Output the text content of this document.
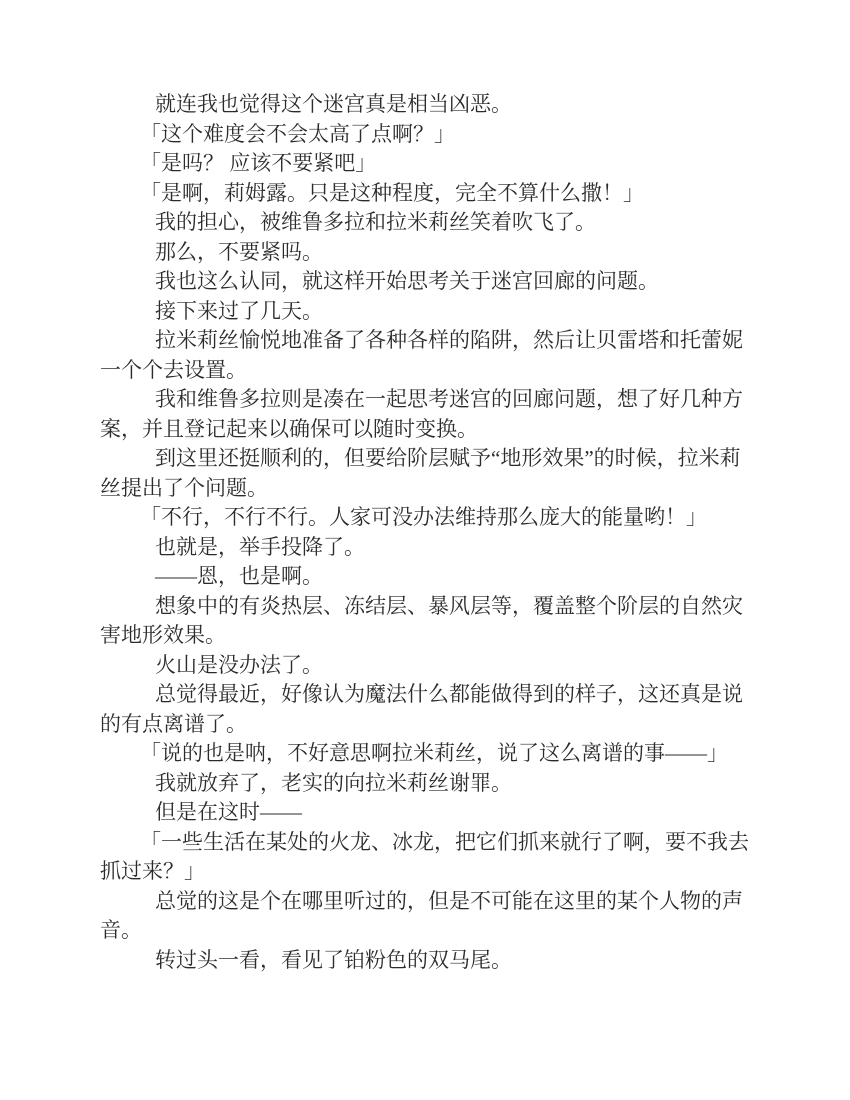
就连我也觉得这个迷宫真是相当凶恶。

「这个难度会不会太高了点啊？」

「是吗？ 应该不要紧吧」

「是啊，莉姆露。只是这种程度，完全不算什么撒！」

我的担心，被维鲁多拉和拉米莉丝笑着吹飞了。

那么，不要紧吗。

我也这么认同，就这样开始思考关于迷宫回廊的问题。

接下来过了几天。

拉米莉丝愉悦地准备了各种各样的陷阱，然后让贝雷塔和托蕾妮一个个去设置。

我和维鲁多拉则是凑在一起思考迷宫的回廊问题，想了好几种方案，并且登记起来以确保可以随时变换。

到这里还挺顺利的，但要给阶层赋予“地形效果”的时候，拉米莉丝提出了个问题。

「不行，不行不行。人家可没办法维持那么庞大的能量哟！」

也就是，举手投降了。

——恩，也是啊。

想象中的有炎热层、冻结层、暴风层等，覆盖整个阶层的自然灾害地形效果。

火山是没办法了。

总觉得最近，好像认为魔法什么都能做得到的样子，这还真是说的有点离谱了。

「说的也是呐，不好意思啊拉米莉丝，说了这么离谱的事——」

我就放弃了，老实的向拉米莉丝谢罪。

但是在这时——

「一些生活在某处的火龙、冰龙，把它们抓来就行了啊，要不我去抓过来？」

总觉的这是个在哪里听过的，但是不可能在这里的某个人物的声音。

转过头一看，看见了铂粉色的双马尾。
